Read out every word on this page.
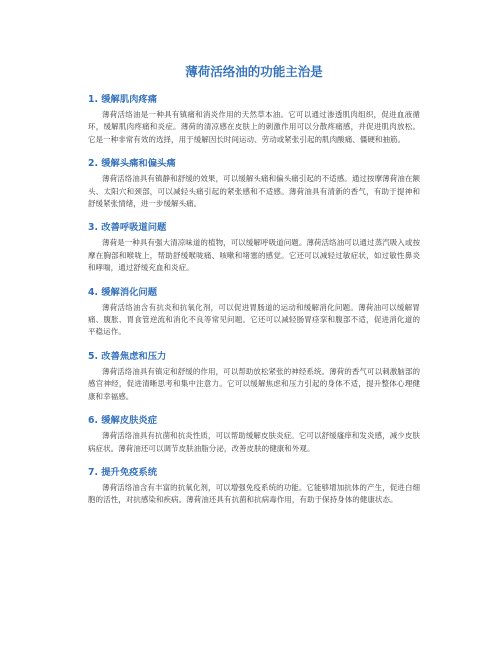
薄荷活络油的功能主治是
1. 缓解肌肉疼痛

薄荷活络油是一种具有镇痛和消炎作用的天然草本油。它可以通过渗透肌肉组织，促进血液循环，缓解肌肉疼痛和炎症。薄荷的清凉感在皮肤上的刺激作用可以分散疼痛感，并促进肌肉放松。它是一种非常有效的选择，用于缓解因长时间运动、劳动或紧张引起的肌肉酸痛、僵硬和抽筋。

2. 缓解头痛和偏头痛

薄荷活络油具有镇静和舒缓的效果，可以缓解头痛和偏头痛引起的不适感。通过按摩薄荷油在额头、太阳穴和颈部，可以减轻头痛引起的紧张感和不适感。薄荷油具有清新的香气，有助于提神和舒缓紧张情绪，进一步缓解头痛。

3. 改善呼吸道问题

薄荷是一种具有强大清凉味道的植物，可以缓解呼吸道问题。薄荷活络油可以通过蒸汽吸入或按摩在胸部和喉咙上，帮助舒缓喉咙痛、咳嗽和堵塞的感觉。它还可以减轻过敏症状，如过敏性鼻炎和哮喘，通过舒缓充血和炎症。

4. 缓解消化问题

薄荷活络油含有抗炎和抗氧化剂，可以促进胃肠道的运动和缓解消化问题。薄荷油可以缓解胃痛、腹胀、胃食管逆流和消化不良等常见问题。它还可以减轻肠胃痉挛和腹部不适，促进消化道的平稳运作。

5. 改善焦虑和压力

薄荷活络油具有镇定和舒缓的作用，可以帮助放松紧张的神经系统。薄荷的香气可以刺激脑部的感官神经，促进清晰思考和集中注意力。它可以缓解焦虑和压力引起的身体不适，提升整体心理健康和幸福感。

6. 缓解皮肤炎症

薄荷活络油具有抗菌和抗炎性质，可以帮助缓解皮肤炎症。它可以舒缓瘙痒和发炎感，减少皮肤病症状。薄荷油还可以调节皮肤油脂分泌，改善皮肤的健康和外观。

7. 提升免疫系统

薄荷活络油含有丰富的抗氧化剂，可以增强免疫系统的功能。它能够增加抗体的产生，促进白细胞的活性，对抗感染和疾病。薄荷油还具有抗菌和抗病毒作用，有助于保持身体的健康状态。
